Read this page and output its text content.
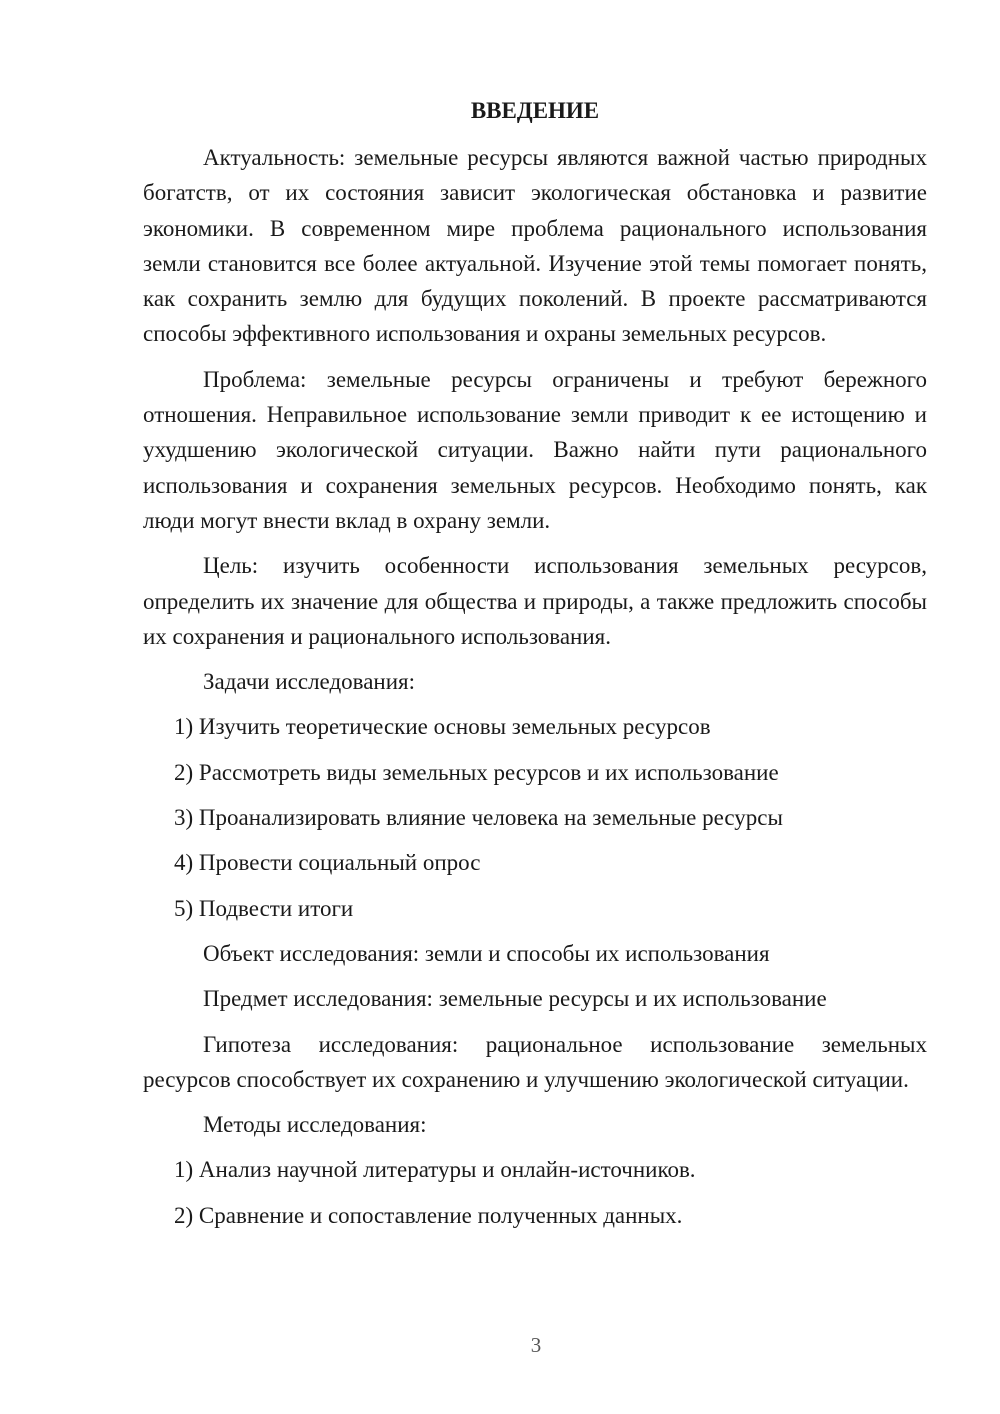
ВВЕДЕНИЕ

Актуальность: земельные ресурсы являются важной частью природных богатств, от их состояния зависит экологическая обстановка и развитие экономики. В современном мире проблема рационального использования земли становится все более актуальной. Изучение этой темы помогает понять, как сохранить землю для будущих поколений. В проекте рассматриваются способы эффективного использования и охраны земельных ресурсов.

Проблема: земельные ресурсы ограничены и требуют бережного отношения. Неправильное использование земли приводит к ее истощению и ухудшению экологической ситуации. Важно найти пути рационального использования и сохранения земельных ресурсов. Необходимо понять, как люди могут внести вклад в охрану земли.

Цель: изучить особенности использования земельных ресурсов, определить их значение для общества и природы, а также предложить способы их сохранения и рационального использования.

Задачи исследования:

1) Изучить теоретические основы земельных ресурсов
2) Рассмотреть виды земельных ресурсов и их использование
3) Проанализировать влияние человека на земельные ресурсы
4) Провести социальный опрос
5) Подвести итоги

Объект исследования: земли и способы их использования

Предмет исследования: земельные ресурсы и их использование

Гипотеза исследования: рациональное использование земельных ресурсов способствует их сохранению и улучшению экологической ситуации.

Методы исследования:

1) Анализ научной литературы и онлайн-источников.
2) Сравнение и сопоставление полученных данных.
3
